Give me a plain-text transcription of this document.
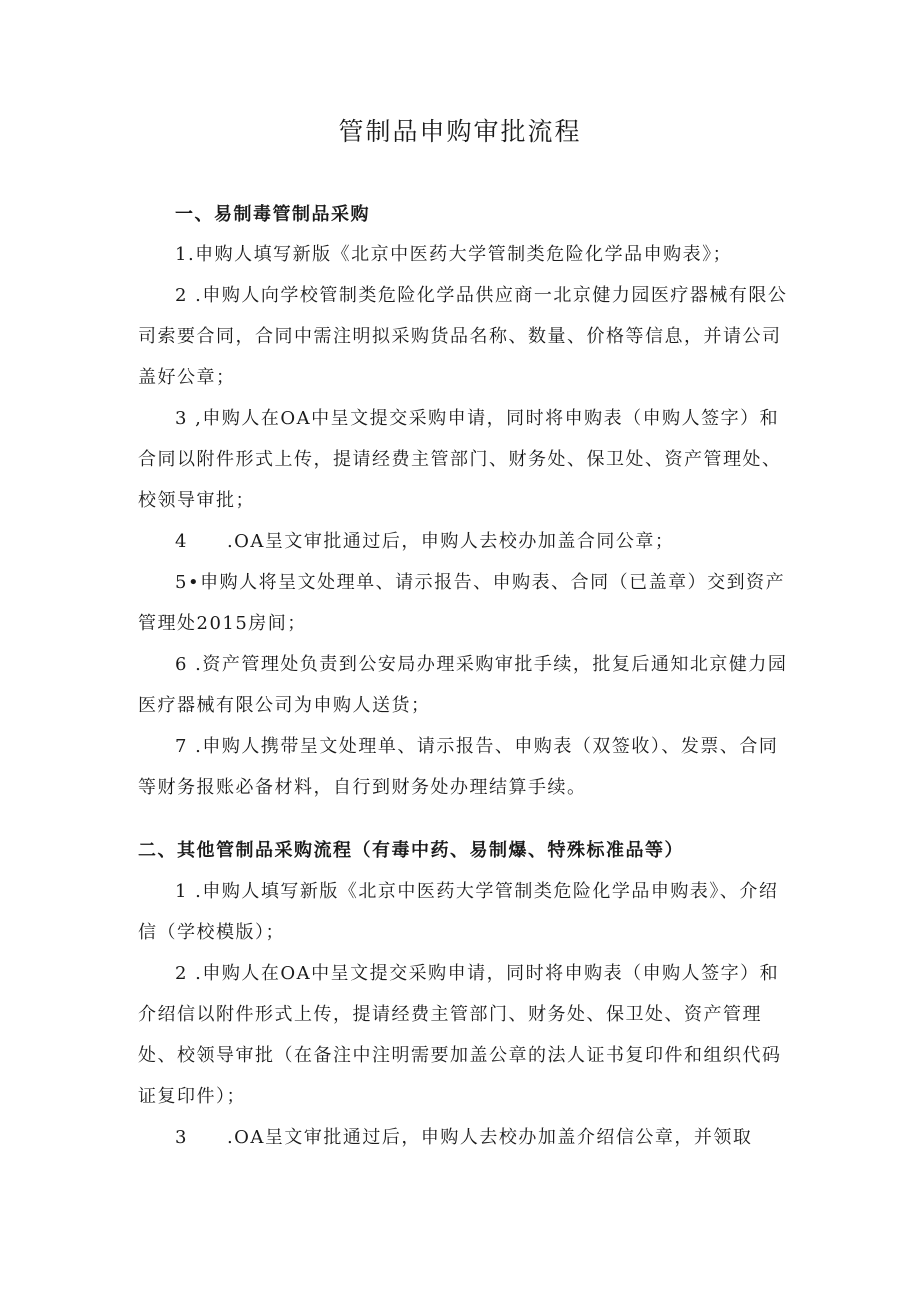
管制品申购审批流程

一、易制毒管制品采购

1.申购人填写新版《北京中医药大学管制类危险化学品申购表》；

2 .申购人向学校管制类危险化学品供应商一北京健力园医疗器械有限公司索要合同，合同中需注明拟采购货品名称、数量、价格等信息，并请公司盖好公章；

3 ,申购人在OA中呈文提交采购申请，同时将申购表（申购人签字）和合同以附件形式上传，提请经费主管部门、财务处、保卫处、资产管理处、校领导审批；

4　　.OA呈文审批通过后，申购人去校办加盖合同公章；

5•申购人将呈文处理单、请示报告、申购表、合同（已盖章）交到资产管理处2015房间；

6 .资产管理处负责到公安局办理采购审批手续，批复后通知北京健力园医疗器械有限公司为申购人送货；

7 .申购人携带呈文处理单、请示报告、申购表（双签收）、发票、合同等财务报账必备材料，自行到财务处办理结算手续。

二、其他管制品采购流程（有毒中药、易制爆、特殊标准品等）

1 .申购人填写新版《北京中医药大学管制类危险化学品申购表》、介绍信（学校模版）；

2 .申购人在OA中呈文提交采购申请，同时将申购表（申购人签字）和介绍信以附件形式上传，提请经费主管部门、财务处、保卫处、资产管理处、校领导审批（在备注中注明需要加盖公章的法人证书复印件和组织代码证复印件）；

3　　.OA呈文审批通过后，申购人去校办加盖介绍信公章，并领取
